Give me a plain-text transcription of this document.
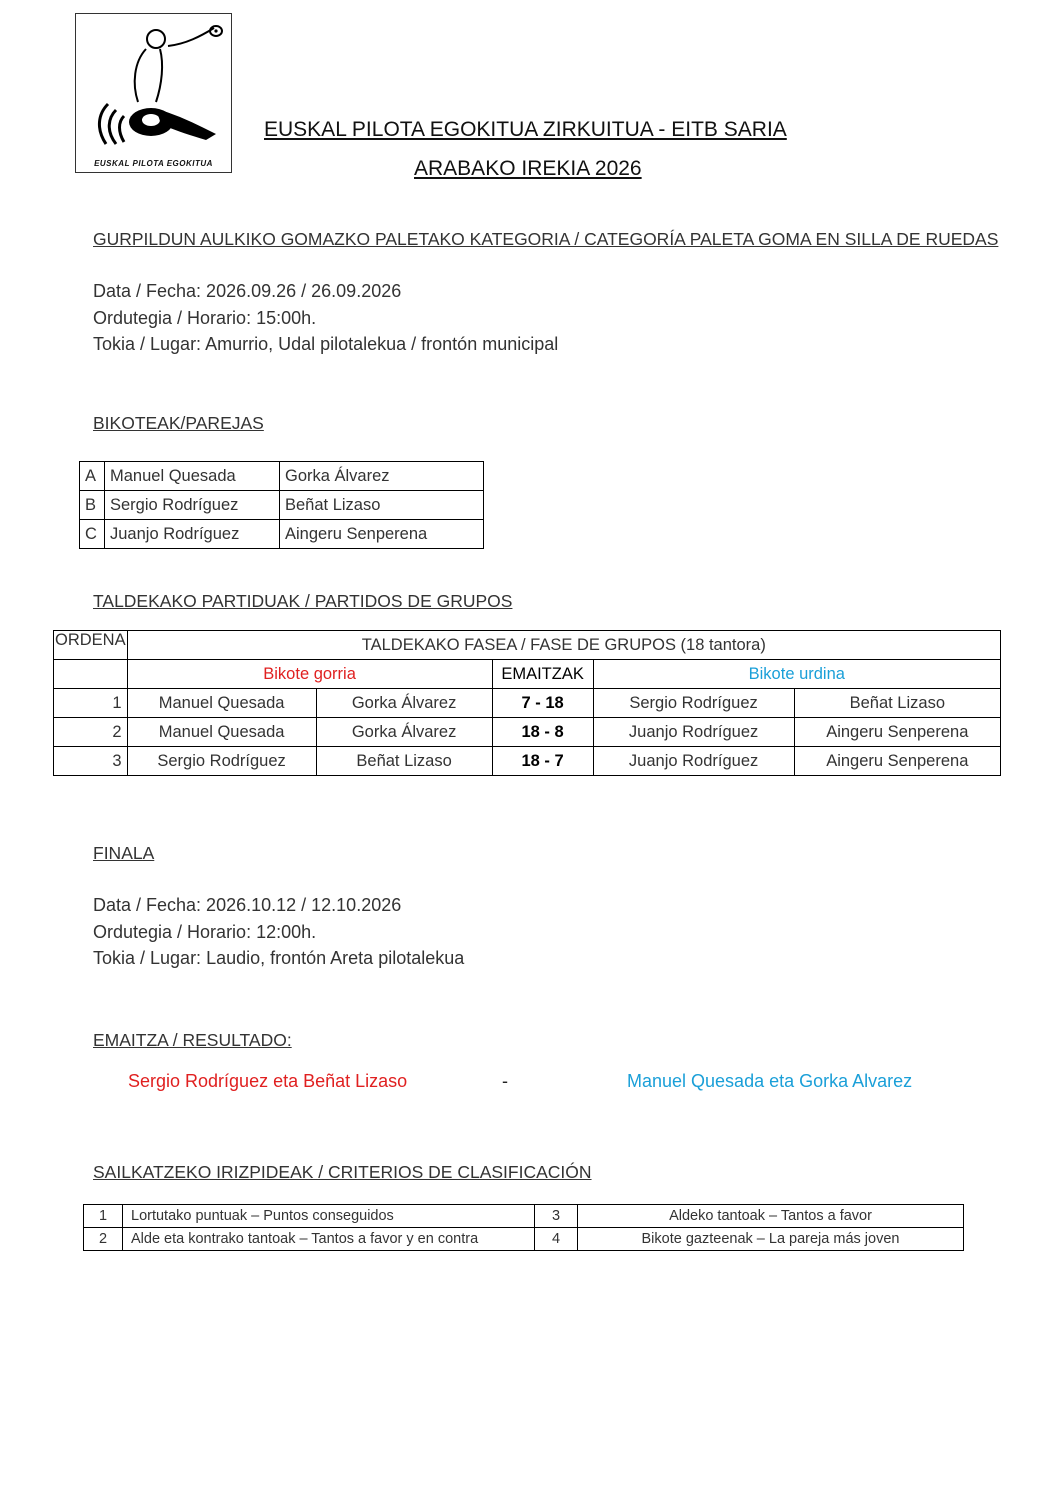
EUSKAL PILOTA EGOKITUA
EUSKAL PILOTA EGOKITUA ZIRKUITUA - EITB SARIA
ARABAKO IREKIA 2026
GURPILDUN AULKIKO GOMAZKO PALETAKO KATEGORIA / CATEGORÍA PALETA GOMA EN SILLA DE RUEDAS
Data / Fecha: 2026.09.26 / 26.09.2026
Ordutegia / Horario: 15:00h.
Tokia / Lugar: Amurrio, Udal pilotalekua / frontón municipal
BIKOTEAK/PAREJAS
A	Manuel Quesada	Gorka Álvarez
B	Sergio Rodríguez	Beñat Lizaso
C	Juanjo Rodríguez	Aingeru Senperena
TALDEKAKO PARTIDUAK / PARTIDOS DE GRUPOS
ORDENA	TALDEKAKO FASEA / FASE DE GRUPOS (18 tantora)				
	Bikote gorria		EMAITZAK	Bikote urdina	
1	Manuel Quesada	Gorka Álvarez	7 - 18	Sergio Rodríguez	Beñat Lizaso
2	Manuel Quesada	Gorka Álvarez	18 - 8	Juanjo Rodríguez	Aingeru Senperena
3	Sergio Rodríguez	Beñat Lizaso	18 - 7	Juanjo Rodríguez	Aingeru Senperena
FINALA
Data / Fecha: 2026.10.12 / 12.10.2026
Ordutegia / Horario: 12:00h.
Tokia / Lugar: Laudio, frontón Areta pilotalekua
EMAITZA / RESULTADO:
Sergio Rodríguez eta Beñat Lizaso	-	Manuel Quesada eta Gorka Alvarez
SAILKATZEKO IRIZPIDEAK / CRITERIOS DE CLASIFICACIÓN
1	Lortutako puntuak – Puntos conseguidos	3	Aldeko tantoak – Tantos a favor
2	Alde eta kontrako tantoak – Tantos a favor y en contra	4	Bikote gazteenak – La pareja más joven
